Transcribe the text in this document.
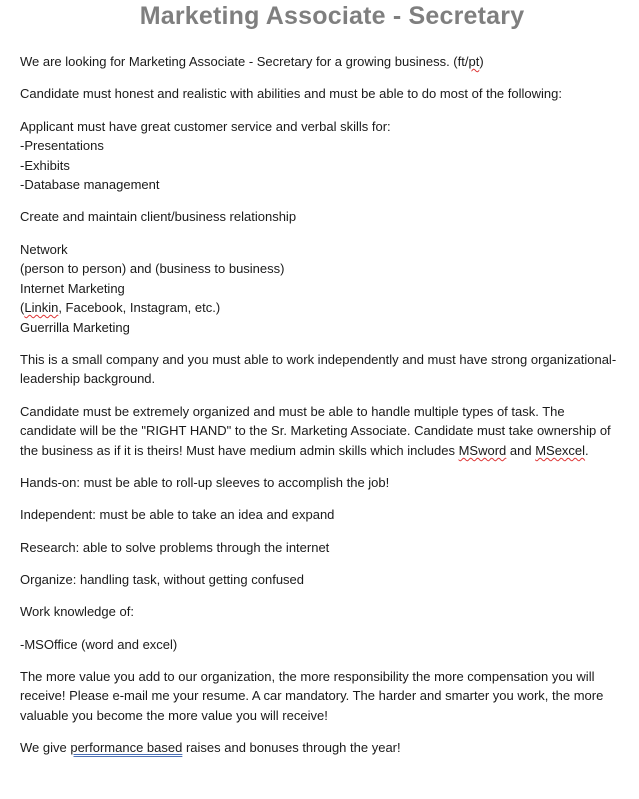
Marketing Associate - Secretary

We are looking for Marketing Associate - Secretary for a growing business. (ft/pt)

Candidate must honest and realistic with abilities and must be able to do most of the following:

Applicant must have great customer service and verbal skills for:
-Presentations
-Exhibits
-Database management

Create and maintain client/business relationship

Network
(person to person) and (business to business)
Internet Marketing
(Linkin, Facebook, Instagram, etc.)
Guerrilla Marketing
This is a small company and you must able to work independently and must have strong organizational-
leadership background.
Candidate must be extremely organized and must be able to handle multiple types of task. The
candidate will be the "RIGHT HAND" to the Sr. Marketing Associate. Candidate must take ownership of
the business as if it is theirs! Must have medium admin skills which includes MSword and MSexcel.

Hands-on: must be able to roll-up sleeves to accomplish the job!

Independent: must be able to take an idea and expand

Research: able to solve problems through the internet

Organize: handling task, without getting confused

Work knowledge of:

-MSOffice (word and excel)

The more value you add to our organization, the more responsibility the more compensation you will
receive! Please e-mail me your resume. A car mandatory. The harder and smarter you work, the more
valuable you become the more value you will receive!

We give performance based raises and bonuses through the year!
